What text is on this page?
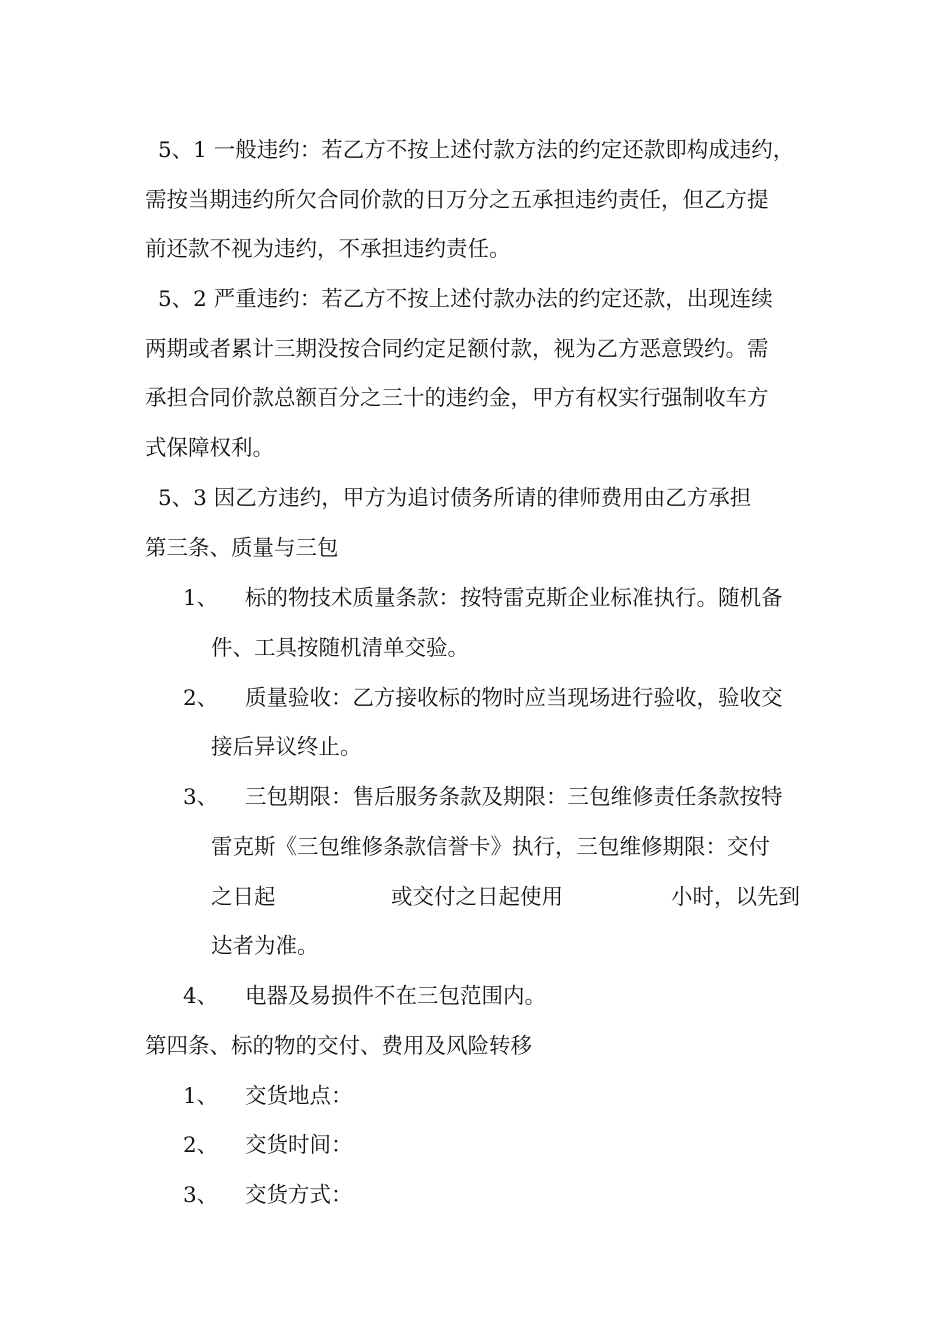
5、1 一般违约：若乙方不按上述付款方法的约定还款即构成违约，
需按当期违约所欠合同价款的日万分之五承担违约责任，但乙方提
前还款不视为违约，不承担违约责任。
5、2 严重违约：若乙方不按上述付款办法的约定还款，出现连续
两期或者累计三期没按合同约定足额付款，视为乙方恶意毁约。需
承担合同价款总额百分之三十的违约金，甲方有权实行强制收车方
式保障权利。
5、3 因乙方违约，甲方为追讨债务所请的律师费用由乙方承担
第三条、质量与三包
1、 标的物技术质量条款：按特雷克斯企业标准执行。随机备
件、工具按随机清单交验。
2、 质量验收：乙方接收标的物时应当现场进行验收，验收交
接后异议终止。
3、 三包期限：售后服务条款及期限：三包维修责任条款按特
雷克斯《三包维修条款信誉卡》执行，三包维修期限：交付
之日起	或交付之日起使用	小时，以先到
达者为准。
4、 电器及易损件不在三包范围内。
第四条、标的物的交付、费用及风险转移
1、 交货地点：
2、 交货时间：
3、 交货方式：
